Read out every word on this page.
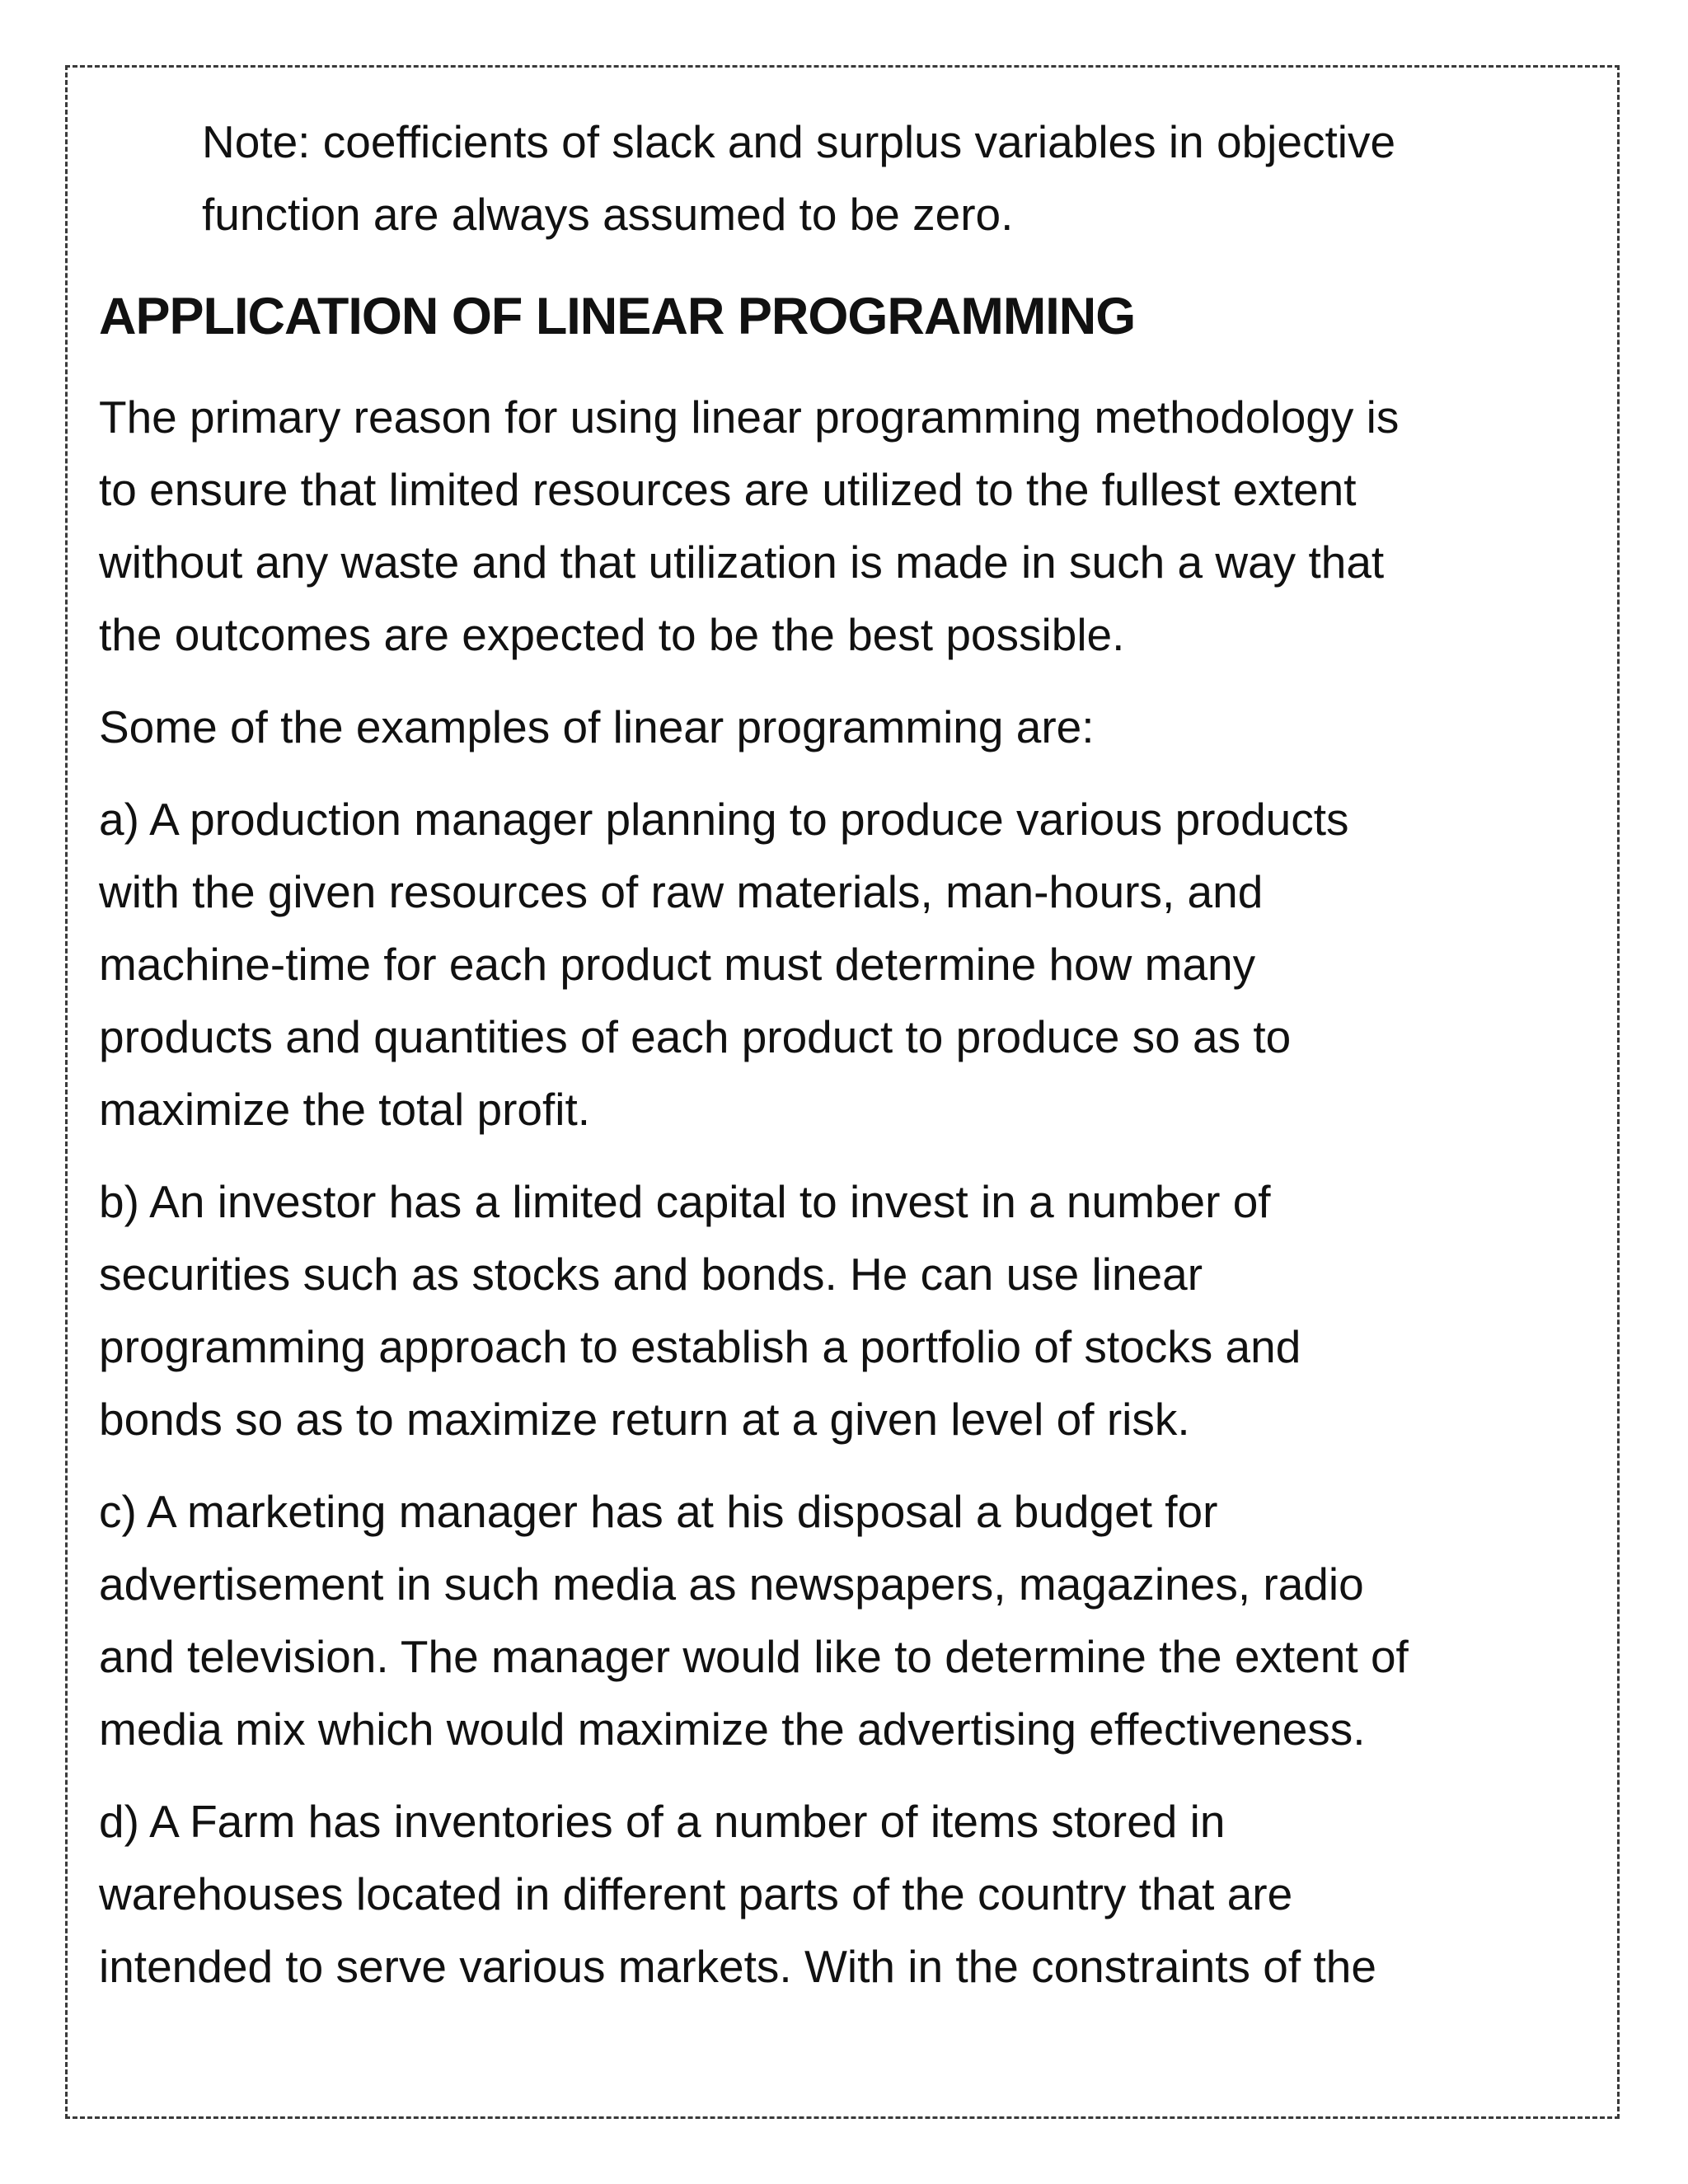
Note: coefficients of slack and surplus variables in objective
function are always assumed to be zero.

APPLICATION OF LINEAR PROGRAMMING

The primary reason for using linear programming methodology is
to ensure that limited resources are utilized to the fullest extent
without any waste and that utilization is made in such a way that
the outcomes are expected to be the best possible.

Some of the examples of linear programming are:

a) A production manager planning to produce various products
with the given resources of raw materials, man-hours, and
machine-time for each product must determine how many
products and quantities of each product to produce so as to
maximize the total profit.

b) An investor has a limited capital to invest in a number of
securities such as stocks and bonds. He can use linear
programming approach to establish a portfolio of stocks and
bonds so as to maximize return at a given level of risk.

c) A marketing manager has at his disposal a budget for
advertisement in such media as newspapers, magazines, radio
and television. The manager would like to determine the extent of
media mix which would maximize the advertising effectiveness.

d) A Farm has inventories of a number of items stored in
warehouses located in different parts of the country that are
intended to serve various markets. With in the constraints of the
